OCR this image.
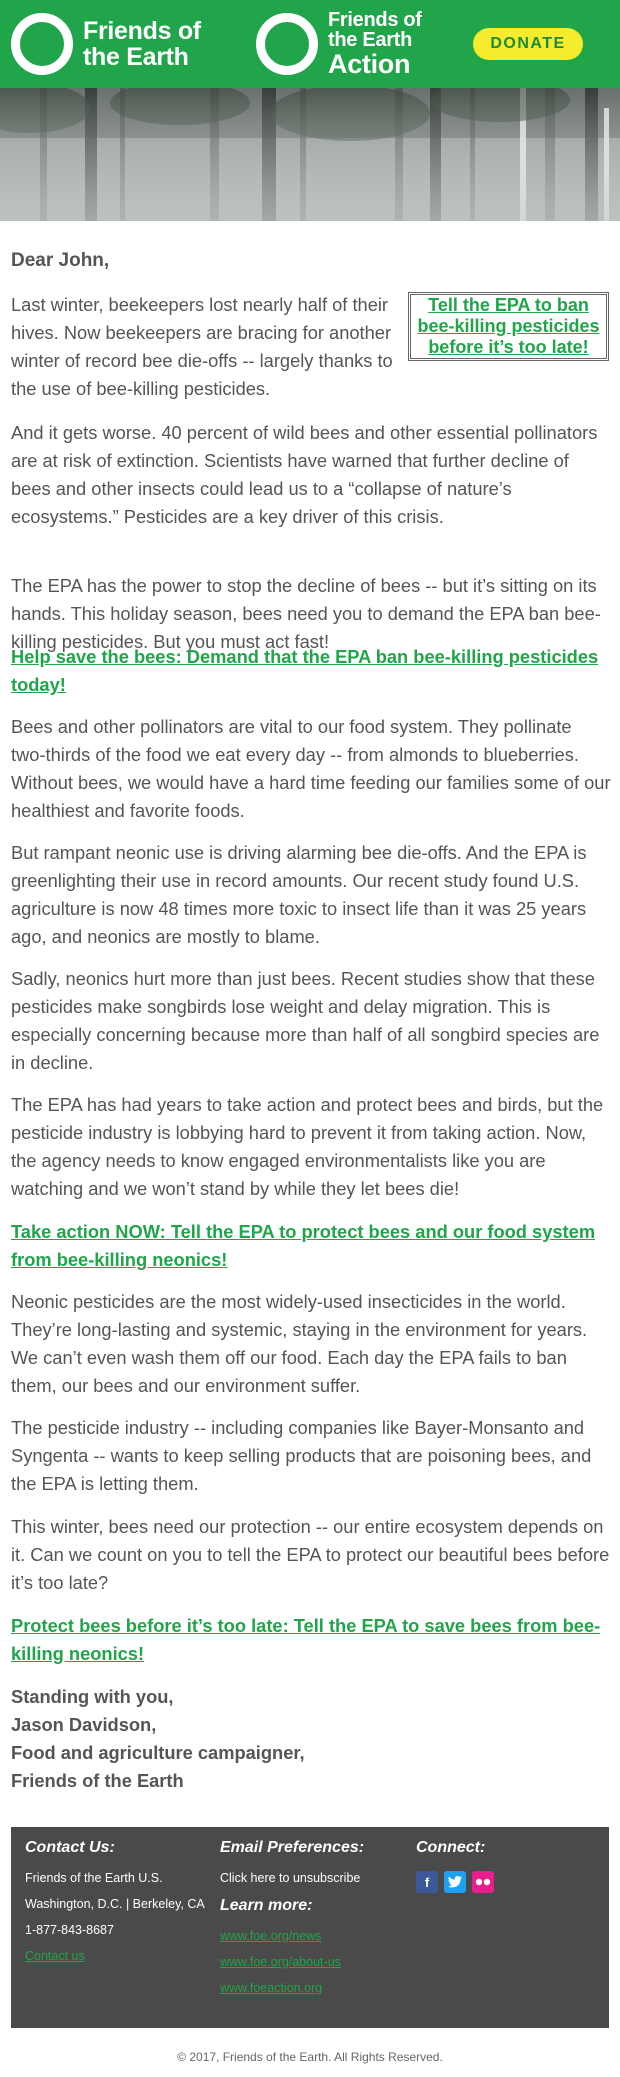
Friends of
the Earth
Friends of
the Earth
Action
DONATE
Dear John,
Tell the EPA to ban bee-killing pesticides before it’s too late!

Last winter, beekeepers lost nearly half of their hives. Now beekeepers are bracing for another winter of record bee die-offs -- largely thanks to the use of bee-killing pesticides.

And it gets worse. 40 percent of wild bees and other essential pollinators are at risk of extinction. Scientists have warned that further decline of bees and other insects could lead us to a “collapse of nature’s ecosystems.” Pesticides are a key driver of this crisis.

The EPA has the power to stop the decline of bees -- but it’s sitting on its hands. This holiday season, bees need you to demand the EPA ban bee-killing pesticides. But you must act fast!

Help save the bees: Demand that the EPA ban bee-killing pesticides today!

Bees and other pollinators are vital to our food system. They pollinate two-thirds of the food we eat every day -- from almonds to blueberries. Without bees, we would have a hard time feeding our families some of our healthiest and favorite foods.

But rampant neonic use is driving alarming bee die-offs. And the EPA is greenlighting their use in record amounts. Our recent study found U.S. agriculture is now 48 times more toxic to insect life than it was 25 years ago, and neonics are mostly to blame.

Sadly, neonics hurt more than just bees. Recent studies show that these pesticides make songbirds lose weight and delay migration. This is especially concerning because more than half of all songbird species are in decline.

The EPA has had years to take action and protect bees and birds, but the pesticide industry is lobbying hard to prevent it from taking action. Now, the agency needs to know engaged environmentalists like you are watching and we won’t stand by while they let bees die!

Take action NOW: Tell the EPA to protect bees and our food system from bee-killing neonics!

Neonic pesticides are the most widely-used insecticides in the world. They’re long-lasting and systemic, staying in the environment for years. We can’t even wash them off our food. Each day the EPA fails to ban them, our bees and our environment suffer.

The pesticide industry -- including companies like Bayer-Monsanto and Syngenta -- wants to keep selling products that are poisoning bees, and the EPA is letting them.

This winter, bees need our protection -- our entire ecosystem depends on it. Can we count on you to tell the EPA to protect our beautiful bees before it’s too late?

Protect bees before it’s too late: Tell the EPA to save bees from bee-killing neonics!
Standing with you,
Jason Davidson,
Food and agriculture campaigner,
Friends of the Earth
Contact Us:
Friends of the Earth U.S.
Washington, D.C. | Berkeley, CA
1-877-843-8687
Contact us
Email Preferences:
Click here to unsubscribe
Learn more:
www.foe.org/news
www.foe.org/about-us
www.foeaction.org
Connect:
f
© 2017, Friends of the Earth. All Rights Reserved.
